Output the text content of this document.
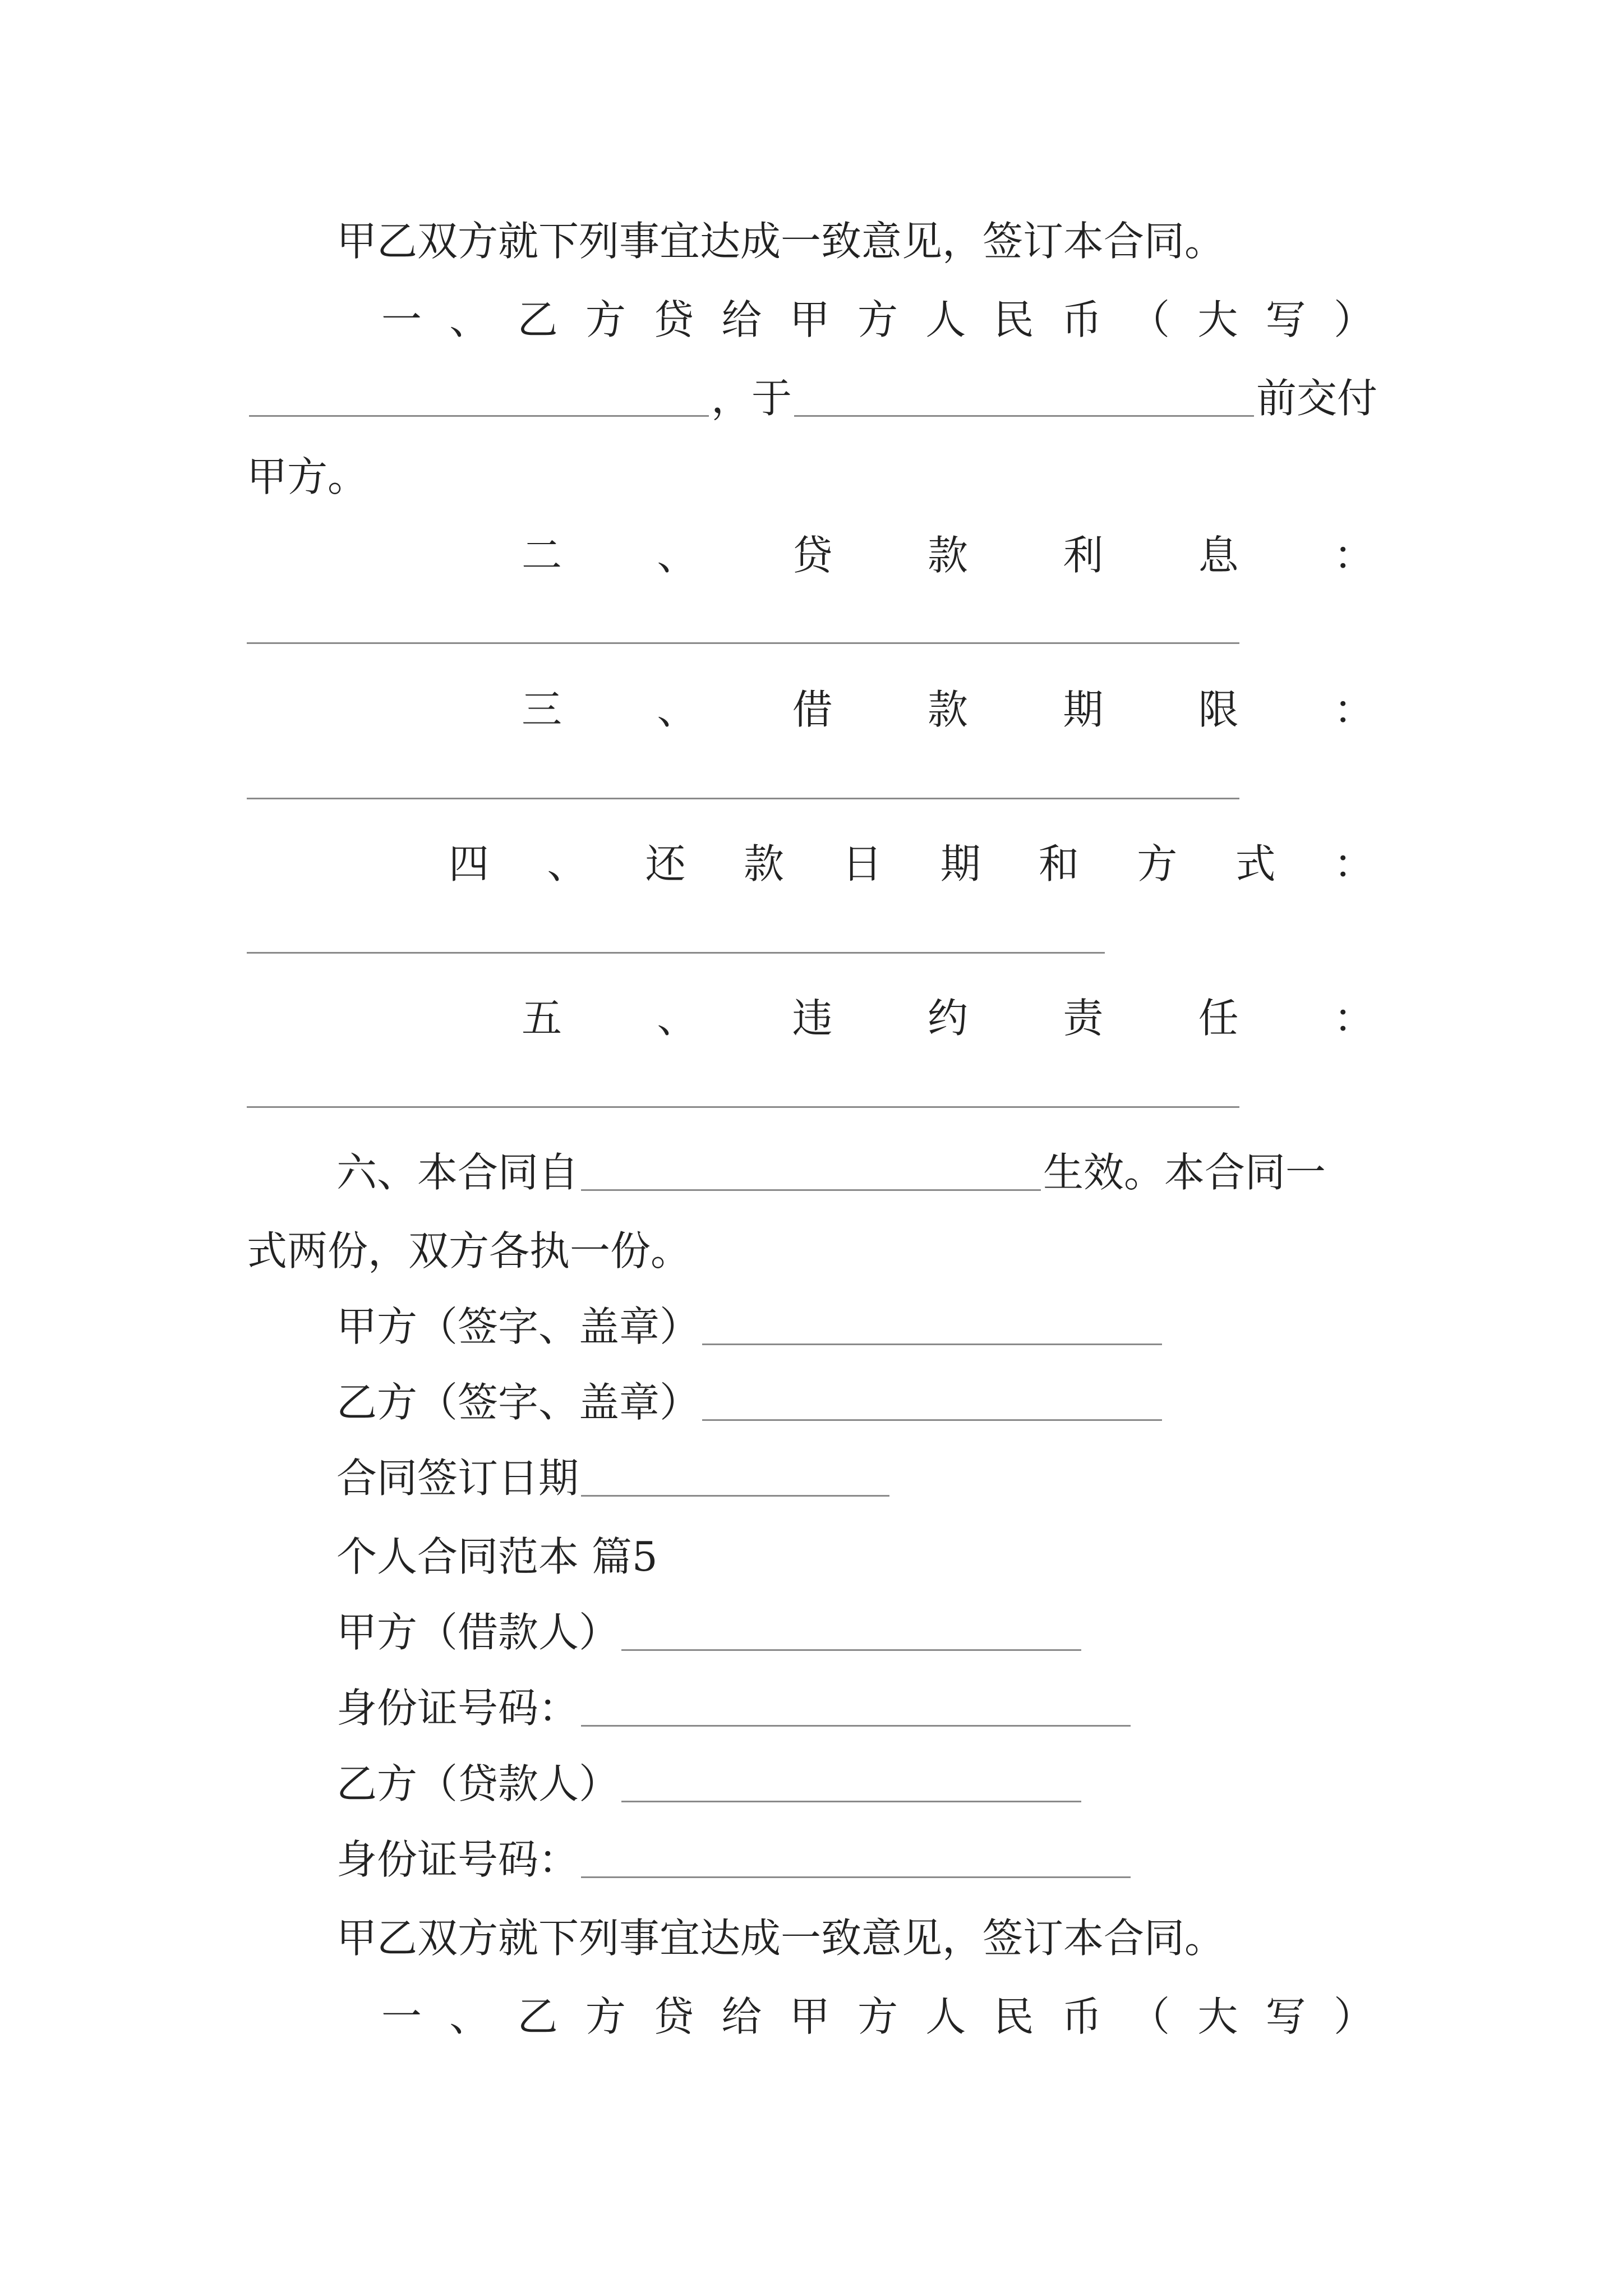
甲乙双方就下列事宜达成一致意见，签订本合同。
一 、 乙 方 贷 给 甲 方 人 民 币 （ 大 写 ）
，于	前交付
甲方。
二 、 贷 款 利 息 ：
三 、 借 款 期 限 ：
四 、 还 款 日 期 和 方 式 ：
五 、 违 约 责 任 ：
六、本合同自	生效。本合同一
式两份，双方各执一份。
甲方（签字、盖章）
乙方（签字、盖章）
合同签订日期
个人合同范本 篇5
甲方（借款人）
身份证号码：
乙方（贷款人）
身份证号码：
甲乙双方就下列事宜达成一致意见，签订本合同。
一 、 乙 方 贷 给 甲 方 人 民 币 （ 大 写 ）
